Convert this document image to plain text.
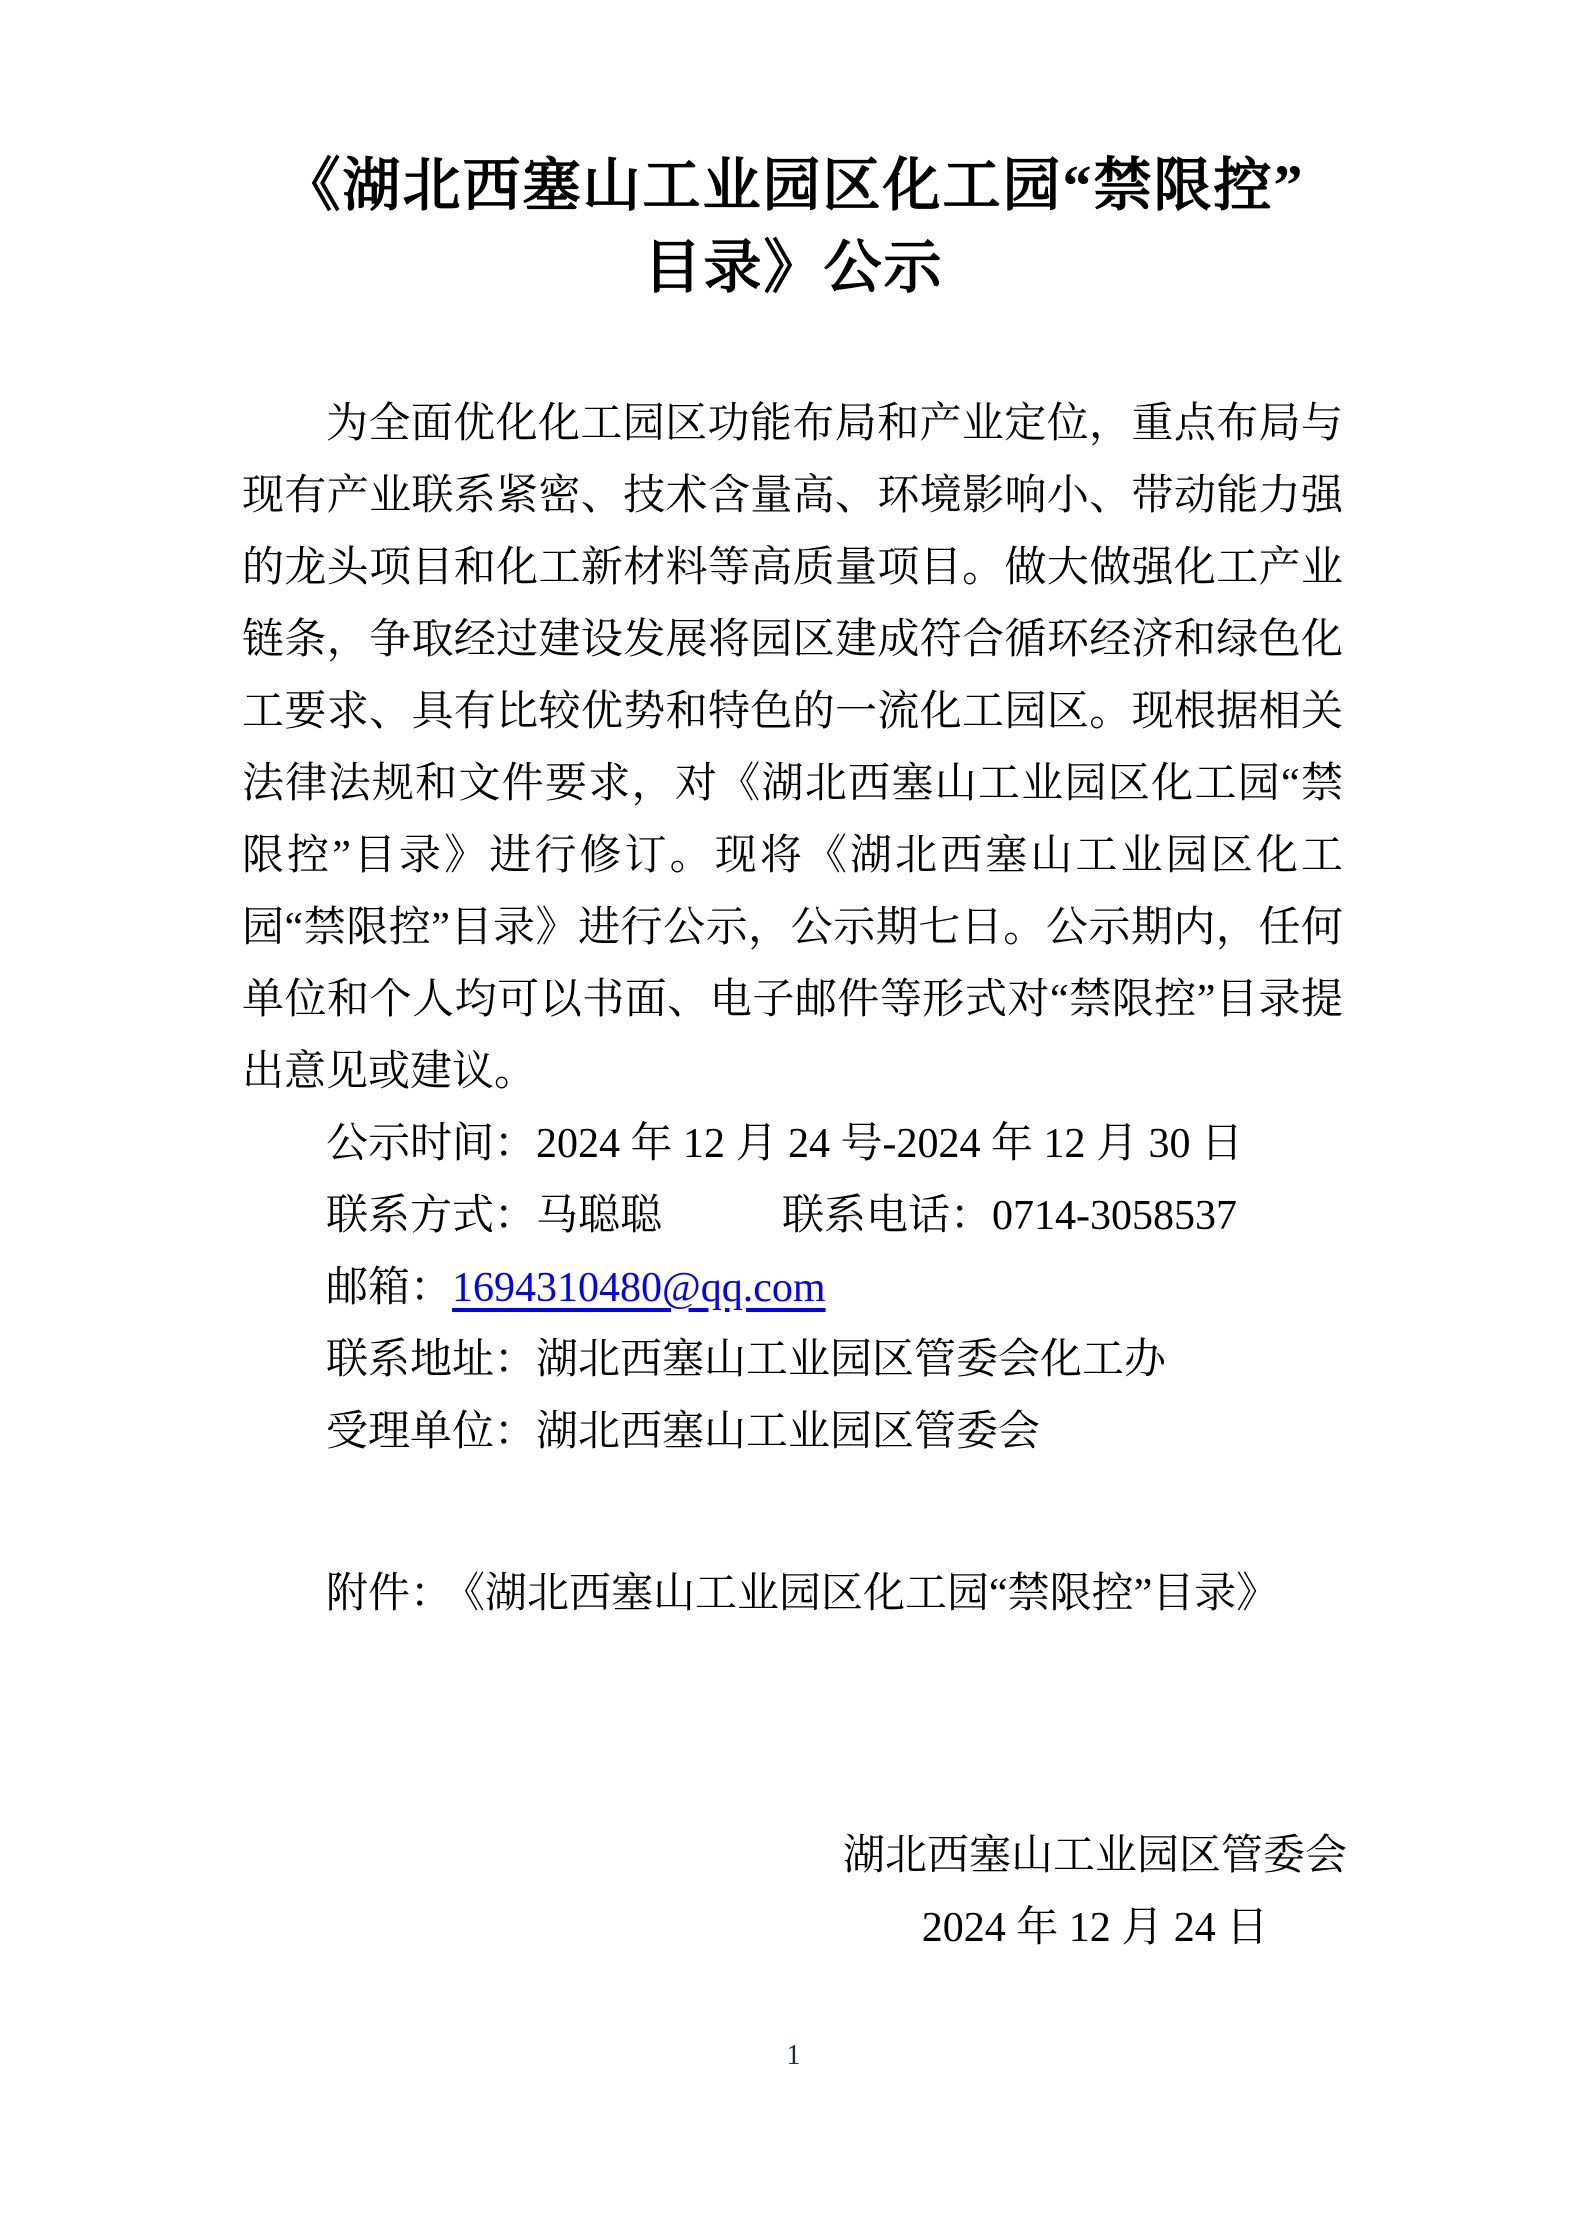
《湖北西塞山工业园区化工园“禁限控”
目录》公示

为全面优化化工园区功能布局和产业定位，重点布局与现有产业联系紧密、技术含量高、环境影响小、带动能力强的龙头项目和化工新材料等高质量项目。做大做强化工产业链条，争取经过建设发展将园区建成符合循环经济和绿色化工要求、具有比较优势和特色的一流化工园区。现根据相关法律法规和文件要求，对《湖北西塞山工业园区化工园“禁限控”目录》进行修订。现将《湖北西塞山工业园区化工园“禁限控”目录》进行公示，公示期七日。公示期内，任何单位和个人均可以书面、电子邮件等形式对“禁限控”目录提出意见或建议。

公示时间：2024 年 12 月 24 号-2024 年 12 月 30 日
联系方式：马聪聪	联系电话：0714-3058537
邮箱：1694310480@qq.com
联系地址：湖北西塞山工业园区管委会化工办
受理单位：湖北西塞山工业园区管委会
附件： 《湖北西塞山工业园区化工园“禁限控”目录》
湖北西塞山工业园区管委会
2024 年 12 月 24 日
1
